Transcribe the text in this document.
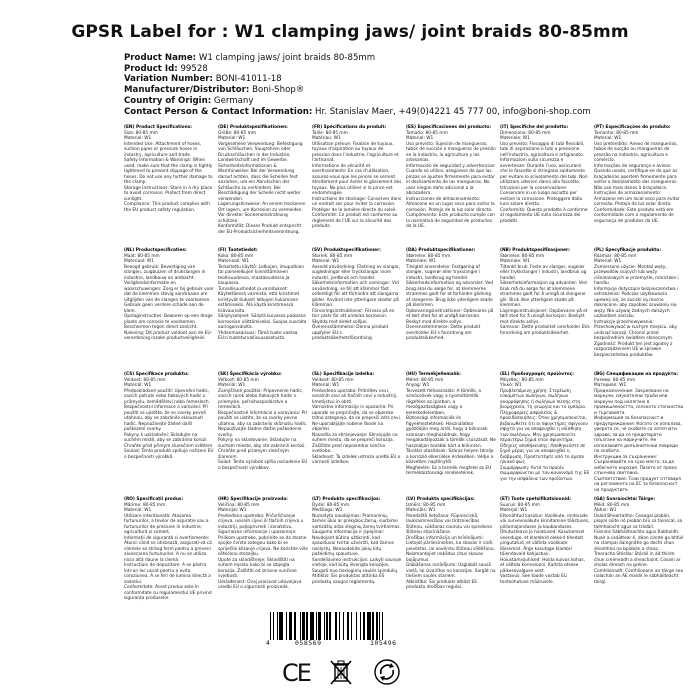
GPSR Label for : W1 clamping jaws/ joint braids 80-85mm
Product Name: W1 clamping jaws/ joint braids 80-85mm
Product Id: 99528
Variation Number: BONI-41011-18
Manufacturer/Distributor: Boni-Shop®
Country of Origin: Germany
Contact Person & Contact Information: Hr. Stanislav Maer, +49(0)4221 45 777 00, info@boni-shop.com
(EN) Product Specifications:
Size: 80-85 mm
Material: W1
Intended Use: Attachment of hoses, suction pipes or pressure hoses in industry, agriculture and trade.
Safety Information & Warnings: When used, make sure that the clamp is tightly tightened to prevent slippage of the hoses. Do not use any further damage to the clamp.
Storage Instructions: Store in a dry place to avoid corrosion. Protect from direct sunlight.
Compliance: This product complies with the EU product safety regulation.
(DE) Produktspezifikationen:
Größe: 80-85 mm
Material: W1
Vorgesehene Verwendung: Befestigung von Schläuchen, Saugrohren oder Druckschläuchen in der Industrie, Landwirtschaft und im Gewerbe.
Sicherheitsinformationen & Warnhinweise: Bei der Verwendung darauf achten, dass die Schellen fest anziehen, um ein Abrutschen der Schläuche zu verhindern. Bei Beschädigung der Schelle nicht weiter verwenden.
Lagerungshinweise: An einem trockenen Ort lagern, um Korrosion zu vermeiden. Vor direkter Sonneneinstrahlung schützen.
Konformität: Dieses Produkt entspricht der EU-Produktsicherheitsverordnung.
(FR) Spécifications du produit:
Taille: 80-85 mm
Matériau: W1
Utilisation prévue: Fixation de tuyaux, tuyaux d'aspiration ou tuyaux de pression dans l'industrie, l'agriculture et l'artisanat.
Informations de sécurité et avertissements: En cas d'utilisation, assurez-vous que les pinces se serrent étroitement pour éviter le glissement des tuyaux. Ne plus utiliser si la pince est endommagée.
Instructions de stockage: Conserver dans un endroit sec pour éviter la corrosion. Protéger de la lumière directe du soleil.
Conformité: Ce produit est conforme au règlement de l'UE sur la sécurité des produits.
(ES) Especificaciones del producto:
Tamaño: 80-85 mm
Material: W1
Uso previsto: Sujeción de mangueras, tubos de succión o mangueras de presión en la industria, la agricultura y las artesanías.
Información de seguridad y advertencias: Cuando se utilice, asegúrese de que las pinzas se ajusten firmemente para evitar el deslizamiento de las mangueras. No usar ningún daño adicional a la abrazadera.
Instrucciones de almacenamiento: Almacene en un lugar seco para evitar la corrosión. Proteja de la luz solar directa.
Cumplimiento: Este producto cumple con la normativa de seguridad de productos de la UE.
(IT) Specifiche del prodotto:
Dimensione: 80-85 mm
Materiale: W1
Uso previsto: Fissaggio di tubi flessibili, tubi di aspirazione o tubi a pressione nell'industria, agricoltura e artigianato.
Informazioni sulla sicurezza e avvertenze: Durante l'uso, assicurarsi che le fascette si stringano saldamente per evitare lo scivolamento dei tubi. Non utilizzare ulteriori danni alla fascetta.
Istruzioni per la conservazione: Conservare in un luogo asciutto per evitare la corrosione. Proteggere dalla luce solare diretta.
Conformità: Questo prodotto è conforme al regolamento UE sulla sicurezza dei prodotti.
(PT) Especificações do produto:
Tamanho: 80-85 mm
Material: W1
Uso pretendido: Anexo de mangueiras, tubos de sucção ou mangueiras de pressão na indústria, agricultura e comércio.
Informações de segurança e avisos: Quando usado, certifique-se de que as braçadeiras apertem firmemente para evitar o deslizamento das mangueiras. Não use mais danos à braçadeira.
Instruções de armazenamento: Armazene em um local seco para evitar corrosão. Proteja da luz solar direta.
Conformidade: Este produto está em conformidade com o regulamento de segurança de produtos da UE.
(NL) Productspecificaties:
Maat: 80-85 mm
Materiaal: W1
Beoogd gebruik: Bevestiging van slangen, zuigbuizen of drukslangen in industrie, landbouw en ambacht.
Veiligheidsinformatie en waarschuwingen: Zorg er bij gebruik voor dat de klemmen stevig aandraaien om uitglijden van de slangen te voorkomen. Gebruik geen verdere schade aan de klem.
Opslaginstructies: Bewaren op een droge plaats om corrosie te voorkomen. Beschermen tegen direct zonlicht.
Naleving: Dit product voldoet aan de EU-verordening inzake productveiligheid.
(FI) Tuotetiedot:
Koko: 80-85 mm
Materiaali: W1
Tarkoitettu käyttö: Letkujen, imuputkien tai painelelkujen kiinnittämiseen teollisuudessa, maataloudessa ja kaupassa.
Turvallisuustiedot ja varoitukset: Käytettäessä varmista, että kiristimet kiristyvät tiukasti letkujen liukumisen estämiseksi. Älä käytä kiristimessä lisävaurioita.
Säilytysohjeet: Säilytä kuivassa paikassa korroosion välttämiseksi. Suojaa suoralta auringonvalolta.
Yhdenmukaisuus: Tämä tuote vastaa EU:n tuoteturvallisuusasetusta.
(SV) Produktspecifikationer:
Storlek: 80-85 mm
Material: W1
Avsedd användning: Fästning av slangar, sugledningar eller tryckslangar inom industri, jordbruk och handel.
Säkerhetsinformation och varningar: Vid användning, se till att klämmor fäst ordentligt för att förhindra att slangarna glider. Använd inte ytterligare skador på klämman.
Förvaringsinstruktioner: Förvara på en torr plats för att undvika korrosion. Skydda mot direkt solljus.
Överensstämmelse: Denna produkt uppfyller EU:s produktsäkerhetsförordning.
(DA) Produktspecifikationer:
Størrelse: 80-85 mm
Materiale: W1
Tilsigtet anvendelse: Fastgøring af slanger, sugerør eller trykslanger i industri, landbrug og handel.
Sikkerhedsinformation og advarsler: Ved brug skal du sørge for, at klemmerne strammes godt for at forhindre glidning af slangerne. Brug ikke yderligere skade på klemmen.
Opbevaringsinstruktioner: Opbevares på et tørt sted for at undgå korrosion. Beskyt mod direkte sollys.
Overensstemmelse: Dette produkt overholder EU's forordning om produktsikkerhed.
(NB) Produktspesifikasjoner:
Størrelse: 80-85 mm
Materiale: W1
Tiltenkt bruk: Feste av slanger, sugerør eller trykkslanger i industri, landbruk og handel.
Sikkerhetsinformasjon og advarsler: Ved bruk må du sørge for at klemmene strammes godt for å unngå at slangene glir. Bruk ikke ytterligere skade på klemmen.
Lagringsinstruksjoner: Oppbevares på et tørt sted for å unngå korrosjon. Beskytt mot direkte sollys.
Samsvar: Dette produktet overholder EUs forordning om produktsikkerhet.
(PL) Specyfikacje produktu:
Rozmiar: 80-85 mm
Materiał: W1
Zamierzone użycie: Montaż węży, przewodów ssących lub węży ciśnieniowych w przemyśle, rolnictwie i handlu.
Informacje dotyczące bezpieczeństwa i ostrzeżenia: Podczas użytkowania upewnij się, że zaciski są mocno dokręcone, aby zapobiec zsuwaniu się węży. Nie używaj żadnych dalszych uszkodzeń zacisku.
Instrukcje przechowywania: Przechowywać w suchym miejscu, aby uniknąć korozji. Chronić przed bezpośrednim światłem słonecznym.
Zgodność: Produkt ten jest zgodny z rozporządzeniem UE w sprawie bezpieczeństwa produktów.
(CS) Specifikace produktu:
Velikost: 80-85 mm
Materiál: W1
Předpokládané použití: Upevnění hadic, sacích potrubí nebo tlakových hadic v průmyslu, zemědělství nebo řemeslech.
Bezpečnostní informace a varování: Při použití se ujistěte, že se svorky pevně utáhnou, aby se zabránilo sklouznutí hadic. Nepoužívejte žádné další poškození svorky.
Pokyny k uskladnění: Skladujte na suchém místě, aby se zabránilo korozi. Chraňte před přímým slunečním světlem.
Soulad: Tento produkt splňuje nařízení EU o bezpečnosti výrobků.
(SK) Špecifikácia výrobku:
Veľkosť: 80-85 mm
Materiál: W1
Zamýšľané použitie: Pripevnenie hadíc, sacích rúrok alebo tlakových hadíc v priemysle, poľnohospodárstve a remeslách.
Bezpečnostné informácie a varovania: Pri použití sa uistite, že sa svorky pevne utiahnu, aby sa zabránilo skĺznutiu hadíc. Nepoužívajte žiadne ďalšie poškodenie svorky.
Pokyny na skladovanie: Skladujte na suchom mieste, aby ste zabránili korózii. Chráňte pred priamym slnečným žiarením.
Súlad: Tento výrobok spĺňa nariadenie EÚ o bezpečnosti výrobkov.
(SL) Specifikacije izdelka:
Velikost: 80-85 mm
Material: W1
Predvidena uporaba: Pritrditev cevi, sesalnih cevi ali tlačnih cevi v industriji, kmetijstvu in obrti.
Varnostne informacije in opozorila: Pri uporabi se prepričajte, da se objemke trdno zategnejo, da se prepreči zdrs cevi. Ne uporabljajte nobene škode na objemki.
Navodila za shranjevanje: Shranjujte na suhem mestu, da se prepreči korozija. Zaščitite pred neposredno sončno svetlobo.
Skladnost: Ta izdelek ustreza uredbi EU o varnosti izdelkov.
(HU) Termékjellemzők:
Méret: 80-85 mm
Anyag: W1
Tervezett felhasználás: A tömlők, a szívócsövek vagy a nyomótömlők rögzítése az iparban, a mezőgazdaságban vagy a kereskedelemben.
Biztonsági információk és figyelmeztetések: Használatkor győződjön meg arról, hogy a bilincsek szorosan meghúzódnak, hogy megakadályozzák a tömlők csúszását. Ne használjon további kárt a bilincsen.
Tárolási utasítások: Száraz helyen tárolja a korrózió elkerülése érdekében. Védje a közvetlen napfénytől.
Megfelelés: Ez a termék megfelel az EU termékbiztonsági rendeletének.
(EL) Προδιαγραφές προϊόντος:
Μέγεθος: 80-85 mm
Υλικό: W1
Προβλεπόμενη χρήση: Στερέωση εύκαμπτων σωλήνων, σωλήνων αναρρόφησης ή σωλήνων πίεσης στη βιομηχανία, τη γεωργία και το εμπόριο.
Πληροφορίες ασφαλείας & προειδοποιήσεις: Όταν χρησιμοποιείται, βεβαιωθείτε ότι οι σφιγκτήρες σφίγγουν σφιχτά για να αποφευχθεί η ολίσθηση των σωλήνων. Μην χρησιμοποιείτε περαιτέρω ζημιά στον σφιγκτήρα.
Οδηγίες αποθήκευσης: Αποθηκεύστε σε ξηρό μέρος για να αποφευχθεί η διάβρωση. Προστατέψτε από το άμεσο ηλιακό φως.
Συμμόρφωση: Αυτό το προϊόν συμμορφώνεται με τον κανονισμό της ΕΕ για την ασφάλεια των προϊόντων.
(BG) Спецификации на продукта:
Размер: 80-85 mm
Материал: W1
Предназначение: Закрепване на маркучи, смукателни тръби или маркучи под налягане в промишлеността, селското стопанство и търговията.
Информация за безопасност и предупреждения: Когато се използва, уверете се, че скобите са затегнати здраво, за да се предотврати плъзгане на маркучите. Не използвайте допълнителни повреди по скобата.
Инструкции за съхранение: Съхранявайте на сухо място, за да избегнете корозия. Пазете от пряка слънчева светлина.
Съответствие: Този продукт отговаря на регламента на ЕС за безопасност на продуктите.
(RO) Specificații produs:
Mărime: 80-85 mm
Material: W1
Utilizare intenționată: Atașarea furtunurilor, a țevilor de aspirație sau a furtunurilor de presiune în industrie, agricultură și comerț.
Informații de siguranță și avertismente: Atunci când se utilizează, asigurați-vă că clemele se strâng ferm pentru a preveni alunecarea furtunurilor. A nu se utiliza nicio altă daune la clemă.
Instrucțiuni de depozitare: A se păstra într-un loc uscat pentru a evita coroziunea. A se feri de lumina directă a soarelui.
Conformitate: Acest produs este în conformitate cu regulamentul UE privind siguranța produselor.
(HR) Specifikacije proizvoda:
Veličina: 80-85 mm
Materijal: W1
Predviđena upotreba: Pričvršćivanje crijeva, usisnih cijevi ili tlačnih crijeva u industriji, poljoprivredi i zanatstvu.
Sigurnosne informacije i upozorenja: Prilikom upotrebe, pobrinite se da stezne spojke čvrsto zategnu kako bi se spriječilo klizanje crijeva. Ne koristite više oštećenu stezaljku.
Upute za skladištenje: Skladištiti na suhom mjestu kako bi se izbjegla korozija. Zaštititi od izravne sunčeve svjetlosti.
Usklađenost: Ovaj proizvod udovoljava uredbi EU o sigurnosti proizvoda.
(LT) Produkto specifikacijos:
Dydis: 80-85 mm
Medžiaga: W1
Numatyta naudojimas: Pramoninių, žemės ūkio ar prekybos žarnų, siurbimo vamzdžių arba slėginių žarnų tvirtinimas.
Saugumo informacija ir įspėjimai: Naudojant būtina užtikrinti, kad spaustuvai tvirtai užveržti, kad žarnos neslystų. Nenaudokite jokių kitų pažeidimų spaustuve.
Sandėliavimo instrukcijos: Laikyti sausoje vietoje, kad būtų išvengta korozijos. Saugoti nuo tiesioginių saulės spindulių.
Atitiktis: Šis produktas atitinka ES produktų saugos reglamentą.
(LV) Produkta specifikācijas:
Izmērs: 80-85 mm
Materiāls: W1
Paredzētā lietošana: Rūpnieciskā, lauksaimniecības vai tirdzniecības šļūteņu, sūkšanas cauruļu vai spiediena šļūteņu stiprināšana.
Drošības informācija un brīdinājumi: Lietojot pārliecinieties, ka skavas ir cieši pievilktas, lai novērstu šļūteņu slīdēšanu. Neizmantojiet nekādus citus skavas bojājumus.
Glabāšanas norādījumi: Uzglabāt sausā vietā, lai izvairītos no korozijas. Sargāt no tiešiem saules stariem.
Atbilstība: Šis produkts atbilst ES produktu drošības regulai.
(ET) Toote spetsifikatsioonid:
Suurus: 80-85 mm
Materjal: W1
Ettenähtud kasutus: Voolikute, imitorude või survevoolikute kinnitamine tööstuses, põllumajanduses ja kaubanduses.
Ohutusteave ja hoiatused: Kasutamisel veenduge, et klambrid oleksid tihedalt pingutatud, et vältida voolikute libisemist. Ärge kasutage klambri täiendavaid kahjustusi.
Hoiustamisjuhised: Hoida kuivas kohas, et vältida korrosiooni. Kaitsta otsese päikesevalguse eest.
Vastavus: See toode vastab ELi tooteohutuse määrusele.
(GA) Sonraíochtaí Táirge:
Méid: 80-85 mm
Ábhar: W1
Úsáid Bheartaithe: Ceangal píobán, píopaí súite nó píobán brú sa tionscal, sa talmhaíocht agus sa trádáil.
Faisnéis Sábháilteachta agus Rabhaidh: Nuair a úsáidtear é, déan cinnte go bhfuil na clampaí daingnithe go docht chun sleamhnú na bpíobán a chosc.
Treoracha Stórála: Stóráil in áit thirim chun creimeadh a sheachaint. Cosain ar sholas díreach na gréine.
Comhlíonadh: Comhlíonann an táirge seo rialachán an AE maidir le sábháilteacht táirgí.
4	058569	105496
CE
